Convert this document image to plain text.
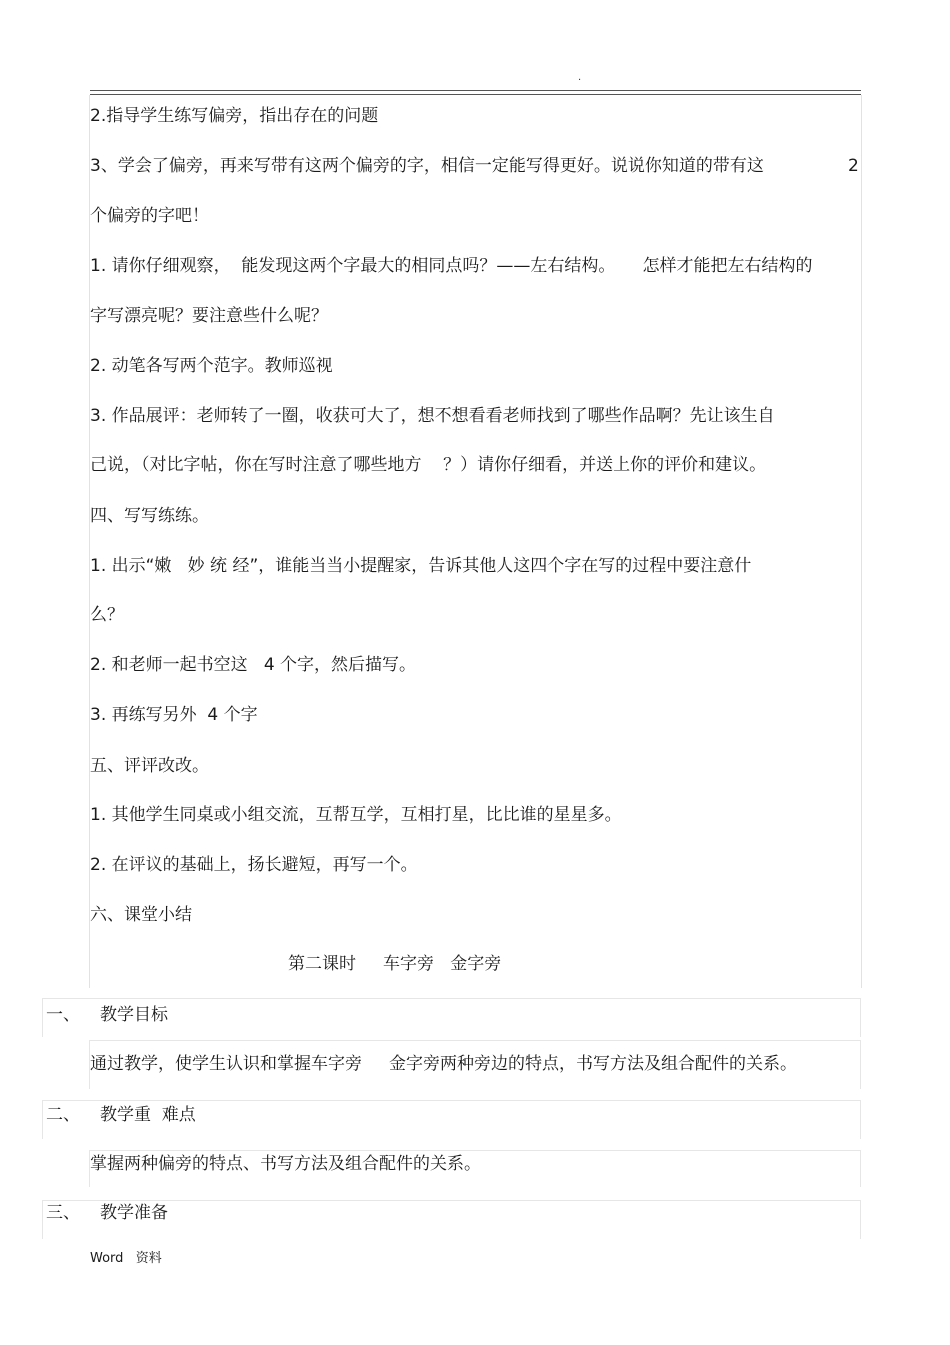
.
2.指导学生练写偏旁，指出存在的问题
3、学会了偏旁，再来写带有这两个偏旁的字，相信一定能写得更好。说说你知道的带有这	2
个偏旁的字吧！
1. 请你仔细观察，  能发现这两个字最大的相同点吗？——左右结构。     怎样才能把左右结构的
字写漂亮呢？要注意些什么呢？
2. 动笔各写两个范字。教师巡视
3. 作品展评：老师转了一圈，收获可大了，想不想看看老师找到了哪些作品啊？先让该生自
己说，（对比字帖，你在写时注意了哪些地方    ？）请你仔细看，并送上你的评价和建议。
四、写写练练。
1. 出示“嫩   妙 统 经”，谁能当当小提醒家，告诉其他人这四个字在写的过程中要注意什
么？
2. 和老师一起书空这   4 个字，然后描写。
3. 再练写另外  4 个字
五、评评改改。
1. 其他学生同桌或小组交流，互帮互学，互相打星，比比谁的星星多。
2. 在评议的基础上，扬长避短，再写一个。
六、课堂小结
第二课时     车字旁   金字旁
一、 教学目标
通过教学，使学生认识和掌握车字旁     金字旁两种旁边的特点，书写方法及组合配件的关系。
二、 教学重  难点
掌握两种偏旁的特点、书写方法及组合配件的关系。
三、 教学准备
Word   资料
